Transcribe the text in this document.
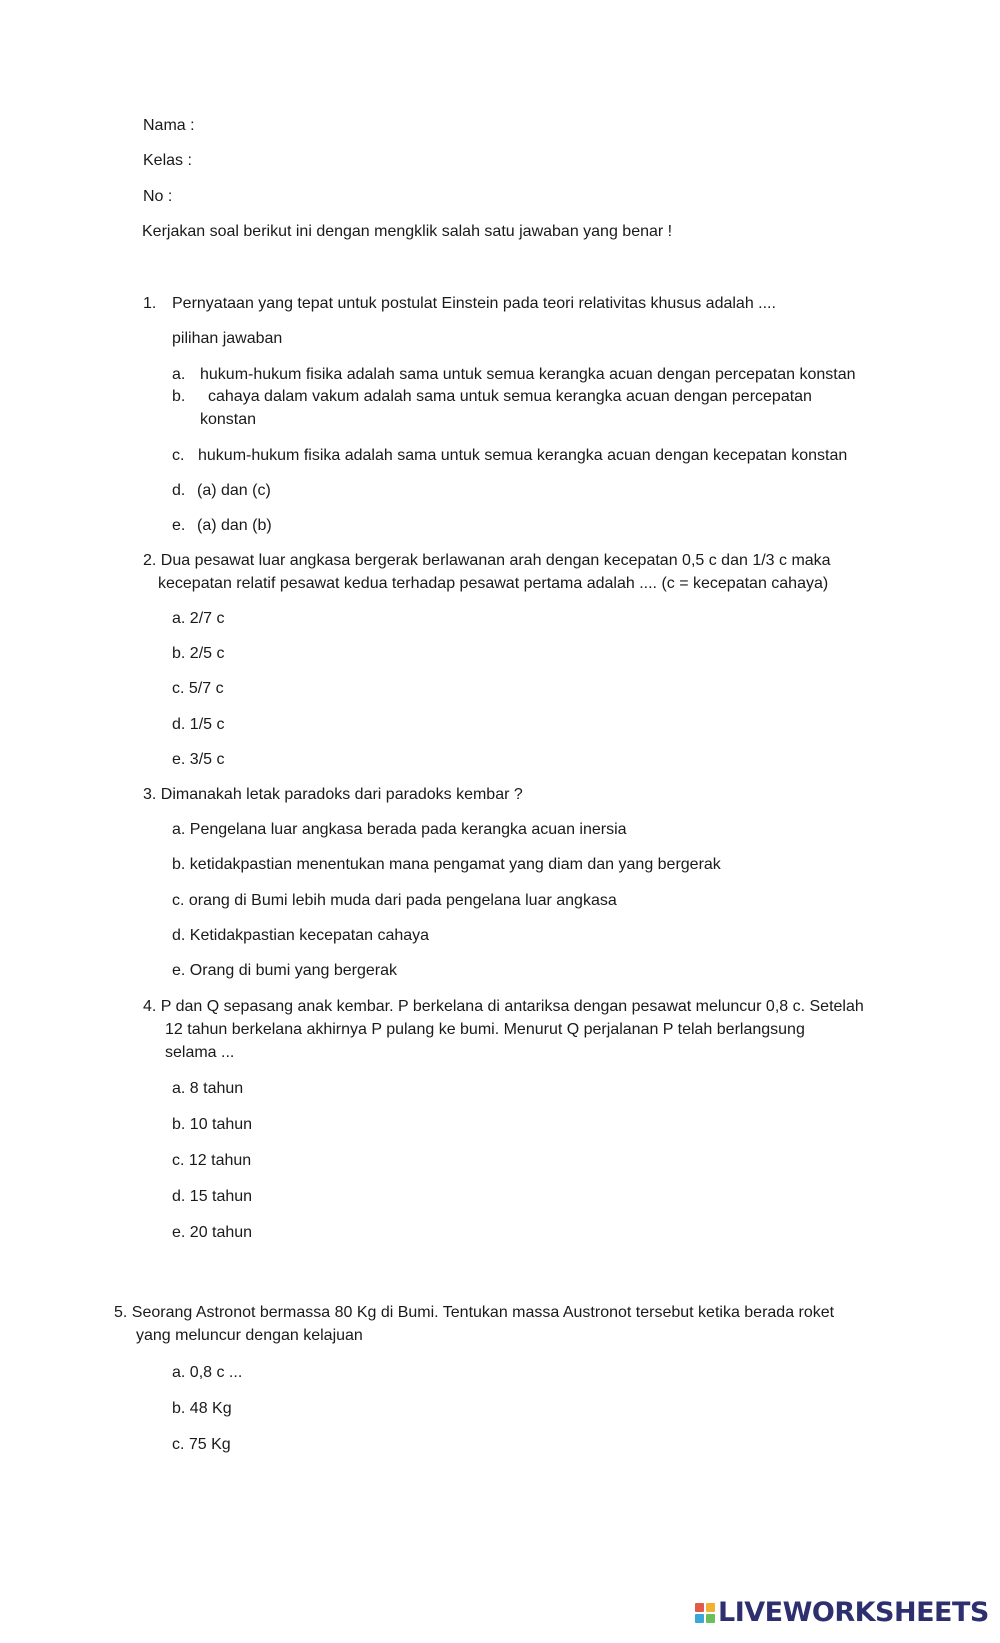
Nama :
Kelas :
No :
Kerjakan soal berikut ini dengan mengklik salah satu jawaban yang benar !
1. Pernyataan yang tepat untuk postulat Einstein pada teori relativitas khusus adalah ....
pilihan jawaban
a. hukum-hukum fisika adalah sama untuk semua kerangka acuan dengan percepatan konstan
b. cahaya dalam vakum adalah sama untuk semua kerangka acuan dengan percepatan
konstan
c. hukum-hukum fisika adalah sama untuk semua kerangka acuan dengan kecepatan konstan
d. (a) dan (c)
e. (a) dan (b)
2. Dua pesawat luar angkasa bergerak berlawanan arah dengan kecepatan 0,5 c dan 1/3 c maka
kecepatan relatif pesawat kedua terhadap pesawat pertama adalah .... (c = kecepatan cahaya)
a. 2/7 c
b. 2/5 c
c. 5/7 c
d. 1/5 c
e. 3/5 c
3. Dimanakah letak paradoks dari paradoks kembar ?
a. Pengelana luar angkasa berada pada kerangka acuan inersia
b. ketidakpastian menentukan mana pengamat yang diam dan yang bergerak
c. orang di Bumi lebih muda dari pada pengelana luar angkasa
d. Ketidakpastian kecepatan cahaya
e. Orang di bumi yang bergerak
4. P dan Q sepasang anak kembar. P berkelana di antariksa dengan pesawat meluncur 0,8 c. Setelah
12 tahun berkelana akhirnya P pulang ke bumi. Menurut Q perjalanan P telah berlangsung
selama ...
a. 8 tahun
b. 10 tahun
c. 12 tahun
d. 15 tahun
e. 20 tahun
5. Seorang Astronot bermassa 80 Kg di Bumi. Tentukan massa Austronot tersebut ketika berada roket
yang meluncur dengan kelajuan
a. 0,8 c ...
b. 48 Kg
c. 75 Kg
LIVEWORKSHEETS
